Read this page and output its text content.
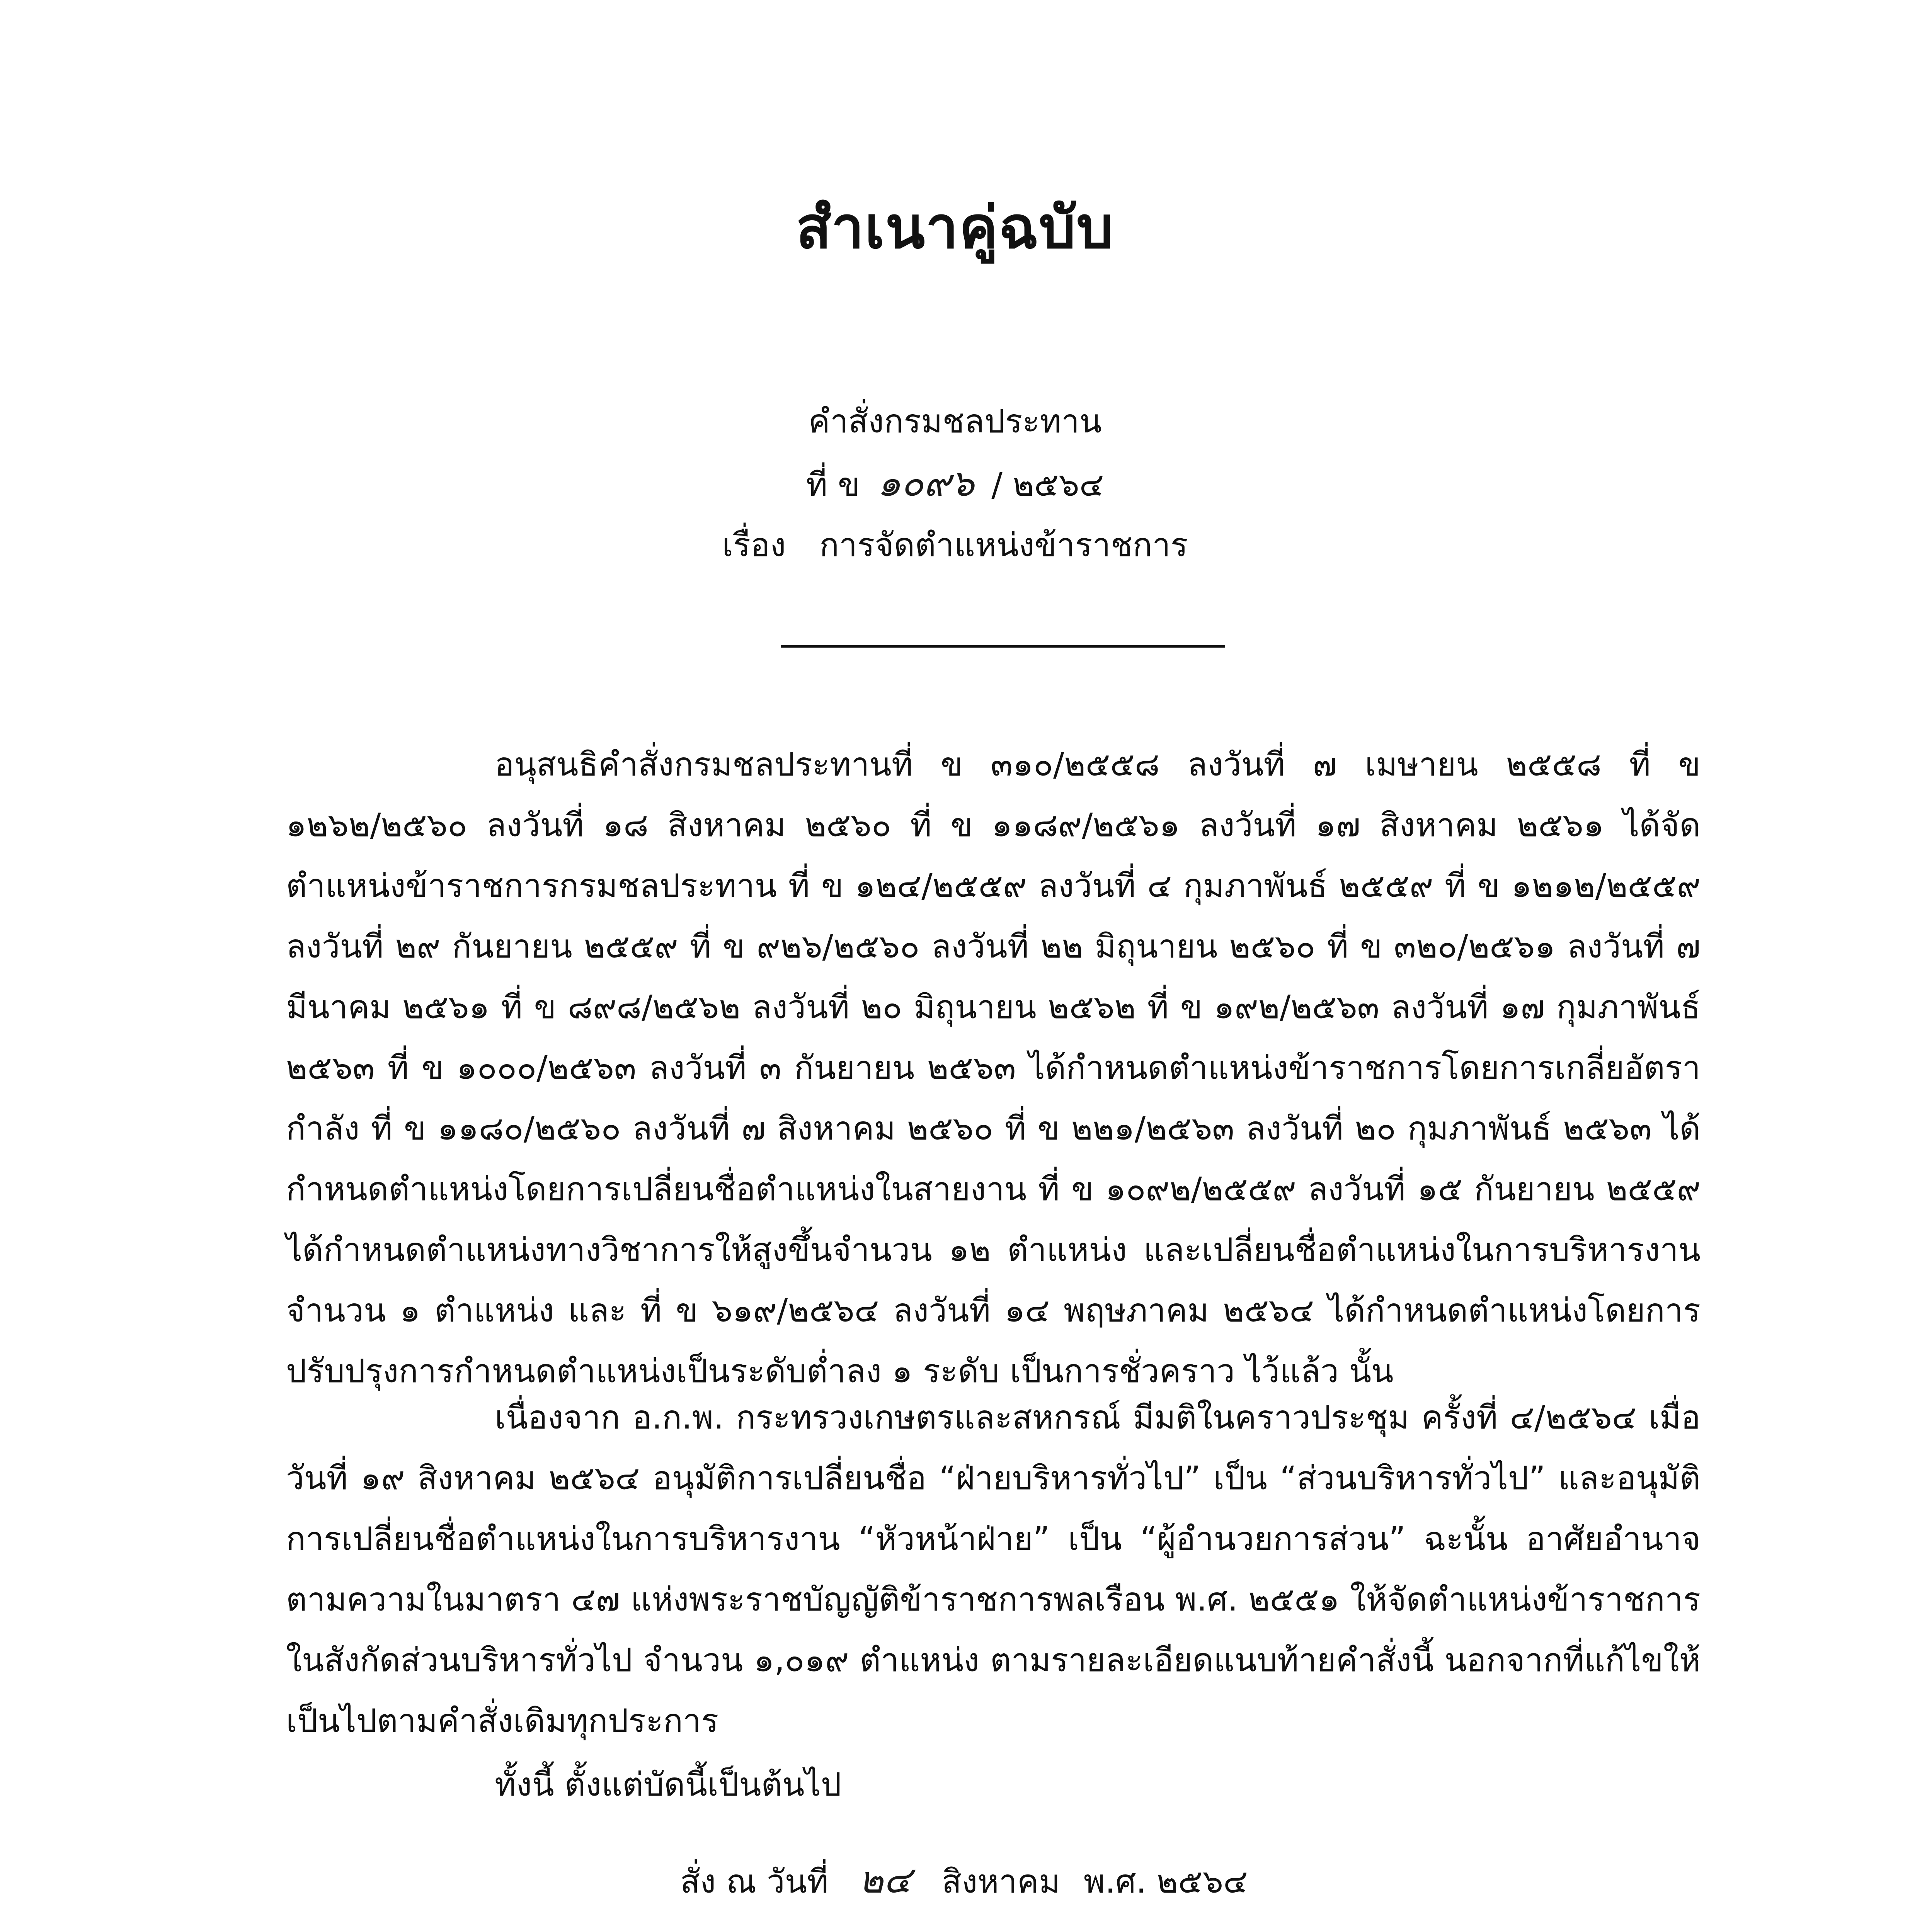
สำเนาคู่ฉบับ
คำสั่งกรมชลประทาน
ที่ ข ๑๐๙๖ / ๒๕๖๔
เรื่อง การจัดตำแหน่งข้าราชการ
อนุสนธิคำสั่งกรมชลประทานที่ ข ๓๑๐/๒๕๕๘ ลงวันที่ ๗ เมษายน ๒๕๕๘ ที่ ข ๑๒๖๒/๒๕๖๐ ลงวันที่ ๑๘ สิงหาคม ๒๕๖๐ ที่ ข ๑๑๘๙/๒๕๖๑ ลงวันที่ ๑๗ สิงหาคม ๒๕๖๑ ได้จัดตำแหน่งข้าราชการกรมชลประทาน ที่ ข ๑๒๔/๒๕๕๙ ลงวันที่ ๔ กุมภาพันธ์ ๒๕๕๙ ที่ ข ๑๒๑๒/๒๕๕๙ ลงวันที่ ๒๙ กันยายน ๒๕๕๙ ที่ ข ๙๒๖/๒๕๖๐ ลงวันที่ ๒๒ มิถุนายน ๒๕๖๐ ที่ ข ๓๒๐/๒๕๖๑ ลงวันที่ ๗ มีนาคม ๒๕๖๑ ที่ ข ๘๙๘/๒๕๖๒ ลงวันที่ ๒๐ มิถุนายน ๒๕๖๒ ที่ ข ๑๙๒/๒๕๖๓ ลงวันที่ ๑๗ กุมภาพันธ์ ๒๕๖๓ ที่ ข ๑๐๐๐/๒๕๖๓ ลงวันที่ ๓ กันยายน ๒๕๖๓ ได้กำหนดตำแหน่งข้าราชการโดยการเกลี่ยอัตรากำลัง ที่ ข ๑๑๘๐/๒๕๖๐ ลงวันที่ ๗ สิงหาคม ๒๕๖๐ ที่ ข ๒๒๑/๒๕๖๓ ลงวันที่ ๒๐ กุมภาพันธ์ ๒๕๖๓ ได้กำหนดตำแหน่งโดยการเปลี่ยนชื่อตำแหน่งในสายงาน ที่ ข ๑๐๙๒/๒๕๕๙ ลงวันที่ ๑๕ กันยายน ๒๕๕๙ ได้กำหนดตำแหน่งทางวิชาการให้สูงขึ้นจำนวน ๑๒ ตำแหน่ง และเปลี่ยนชื่อตำแหน่งในการบริหารงาน จำนวน ๑ ตำแหน่ง และ ที่ ข ๖๑๙/๒๕๖๔ ลงวันที่ ๑๔ พฤษภาคม ๒๕๖๔ ได้กำหนดตำแหน่งโดยการปรับปรุงการกำหนดตำแหน่งเป็นระดับต่ำลง ๑ ระดับ เป็นการชั่วคราว ไว้แล้ว นั้น
เนื่องจาก อ.ก.พ. กระทรวงเกษตรและสหกรณ์ มีมติในคราวประชุม ครั้งที่ ๔/๒๕๖๔ เมื่อวันที่ ๑๙ สิงหาคม ๒๕๖๔ อนุมัติการเปลี่ยนชื่อ “ฝ่ายบริหารทั่วไป” เป็น “ส่วนบริหารทั่วไป” และอนุมัติการเปลี่ยนชื่อตำแหน่งในการบริหารงาน “หัวหน้าฝ่าย” เป็น “ผู้อำนวยการส่วน” ฉะนั้น อาศัยอำนาจตามความในมาตรา ๔๗ แห่งพระราชบัญญัติข้าราชการพลเรือน พ.ศ. ๒๕๕๑ ให้จัดตำแหน่งข้าราชการในสังกัดส่วนบริหารทั่วไป จำนวน ๑,๐๑๙ ตำแหน่ง ตามรายละเอียดแนบท้ายคำสั่งนี้ นอกจากที่แก้ไขให้เป็นไปตามคำสั่งเดิมทุกประการ
ทั้งนี้ ตั้งแต่บัดนี้เป็นต้นไป
สั่ง ณ วันที่ ๒๔ สิงหาคม พ.ศ. ๒๕๖๔
